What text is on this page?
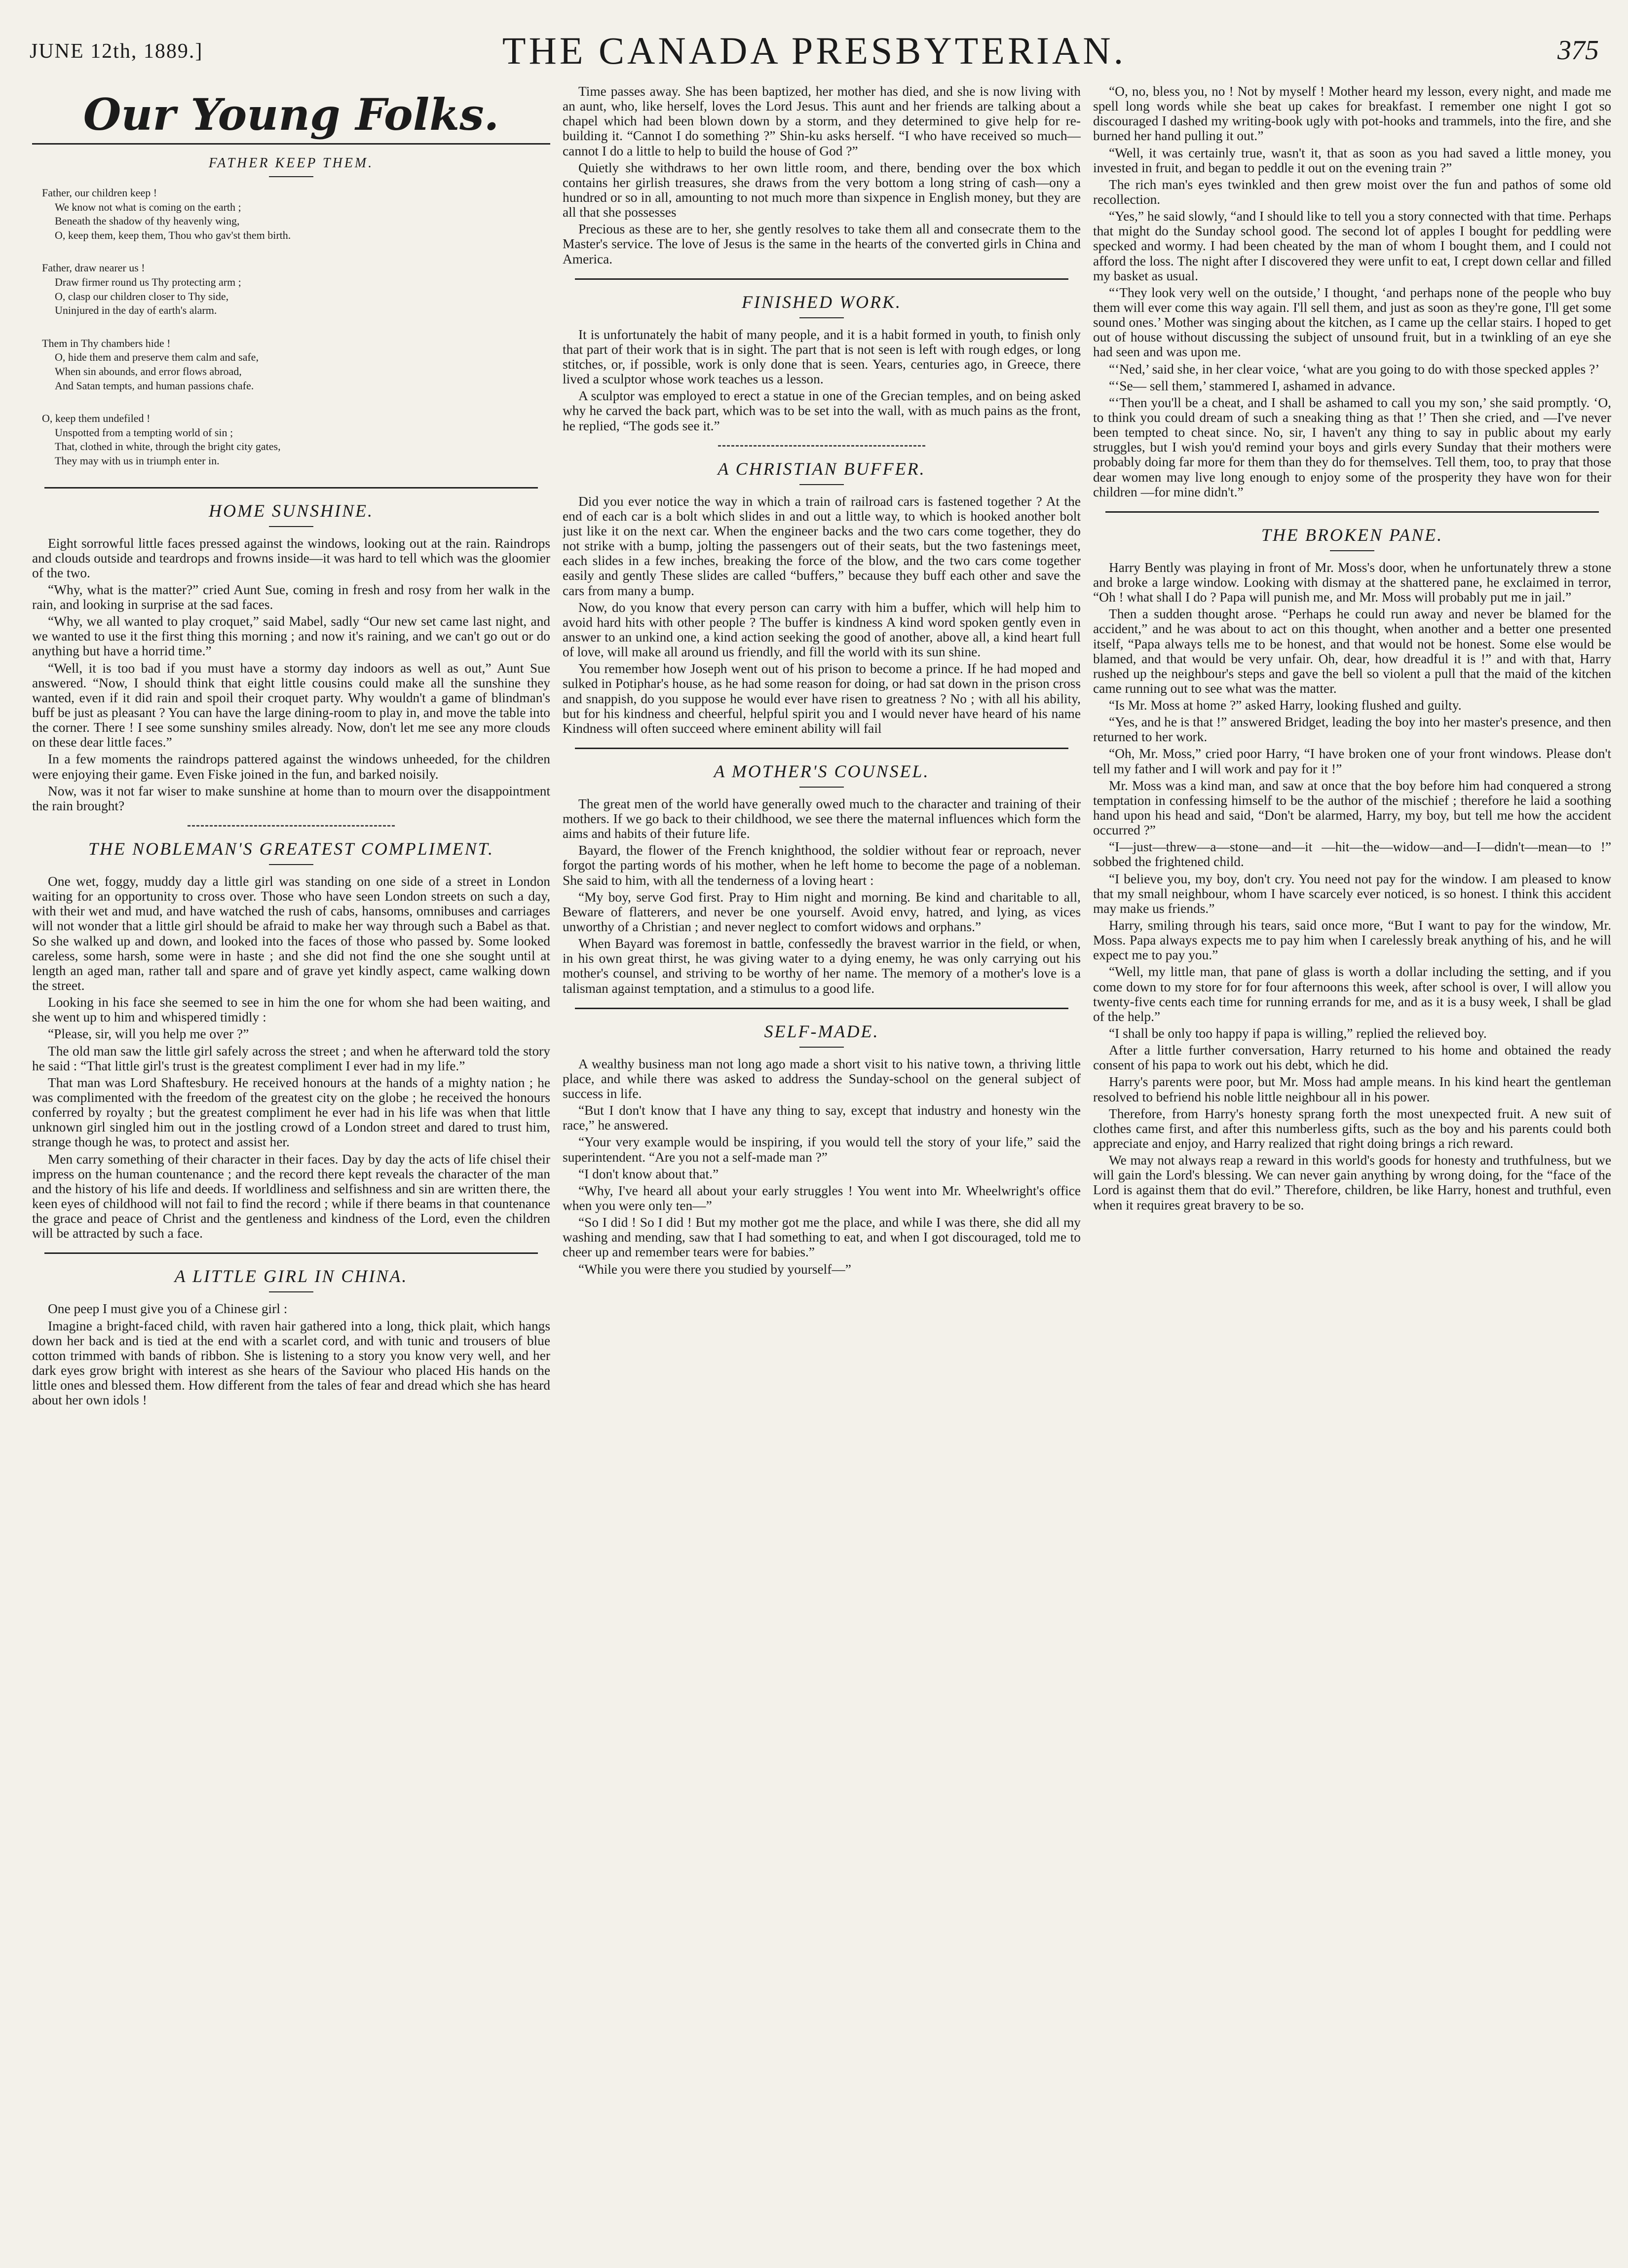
JUNE 12th, 1889.]	THE CANADA PRESBYTERIAN.	375
Our Young Folks.
FATHER KEEP THEM.

Father, our children keep !

We know not what is coming on the earth ;

Beneath the shadow of thy heavenly wing,

O, keep them, keep them, Thou who gav'st them birth.

Father, draw nearer us !

Draw firmer round us Thy protecting arm ;

O, clasp our children closer to Thy side,

Uninjured in the day of earth's alarm.

Them in Thy chambers hide !

O, hide them and preserve them calm and safe,

When sin abounds, and error flows abroad,

And Satan tempts, and human passions chafe.

O, keep them undefiled !

Unspotted from a tempting world of sin ;

That, clothed in white, through the bright city gates,

They may with us in triumph enter in.

HOME SUNSHINE.

Eight sorrowful little faces pressed against the windows, looking out at the rain. Raindrops and clouds outside and teardrops and frowns inside—it was hard to tell which was the gloomier of the two.

“Why, what is the matter?” cried Aunt Sue, coming in fresh and rosy from her walk in the rain, and looking in surprise at the sad faces.

“Why, we all wanted to play croquet,” said Mabel, sadly “Our new set came last night, and we wanted to use it the first thing this morning ; and now it's raining, and we can't go out or do anything but have a horrid time.”

“Well, it is too bad if you must have a stormy day indoors as well as out,” Aunt Sue answered. “Now, I should think that eight little cousins could make all the sunshine they wanted, even if it did rain and spoil their croquet party. Why wouldn't a game of blindman's buff be just as pleasant ? You can have the large dining-room to play in, and move the table into the corner. There ! I see some sunshiny smiles already. Now, don't let me see any more clouds on these dear little faces.”

In a few moments the raindrops pattered against the windows unheeded, for the children were enjoying their game. Even Fiske joined in the fun, and barked noisily.

Now, was it not far wiser to make sunshine at home than to mourn over the disappointment the rain brought?

THE NOBLEMAN'S GREATEST COMPLIMENT.

One wet, foggy, muddy day a little girl was standing on one side of a street in London waiting for an opportunity to cross over. Those who have seen London streets on such a day, with their wet and mud, and have watched the rush of cabs, hansoms, omnibuses and carriages will not wonder that a little girl should be afraid to make her way through such a Babel as that. So she walked up and down, and looked into the faces of those who passed by. Some looked careless, some harsh, some were in haste ; and she did not find the one she sought until at length an aged man, rather tall and spare and of grave yet kindly aspect, came walking down the street.

Looking in his face she seemed to see in him the one for whom she had been waiting, and she went up to him and whispered timidly :

“Please, sir, will you help me over ?”

The old man saw the little girl safely across the street ; and when he afterward told the story he said : “That little girl's trust is the greatest compliment I ever had in my life.”

That man was Lord Shaftesbury. He received honours at the hands of a mighty nation ; he was complimented with the freedom of the greatest city on the globe ; he received the honours conferred by royalty ; but the greatest compliment he ever had in his life was when that little unknown girl singled him out in the jostling crowd of a London street and dared to trust him, strange though he was, to protect and assist her.

Men carry something of their character in their faces. Day by day the acts of life chisel their impress on the human countenance ; and the record there kept reveals the character of the man and the history of his life and deeds. If worldliness and selfishness and sin are written there, the keen eyes of childhood will not fail to find the record ; while if there beams in that countenance the grace and peace of Christ and the gentleness and kindness of the Lord, even the children will be attracted by such a face.

A LITTLE GIRL IN CHINA.

One peep I must give you of a Chinese girl :

Imagine a bright-faced child, with raven hair gathered into a long, thick plait, which hangs down her back and is tied at the end with a scarlet cord, and with tunic and trousers of blue cotton trimmed with bands of ribbon. She is listening to a story you know very well, and her dark eyes grow bright with interest as she hears of the Saviour who placed His hands on the little ones and blessed them. How different from the tales of fear and dread which she has heard about her own idols !

Time passes away. She has been baptized, her mother has died, and she is now living with an aunt, who, like herself, loves the Lord Jesus. This aunt and her friends are talking about a chapel which had been blown down by a storm, and they determined to give help for re-building it. “Cannot I do something ?” Shin-ku asks herself. “I who have received so much—cannot I do a little to help to build the house of God ?”

Quietly she withdraws to her own little room, and there, bending over the box which contains her girlish treasures, she draws from the very bottom a long string of cash—ony a hundred or so in all, amounting to not much more than sixpence in English money, but they are all that she possesses

Precious as these are to her, she gently resolves to take them all and consecrate them to the Master's service. The love of Jesus is the same in the hearts of the converted girls in China and America.

FINISHED WORK.

It is unfortunately the habit of many people, and it is a habit formed in youth, to finish only that part of their work that is in sight. The part that is not seen is left with rough edges, or long stitches, or, if possible, work is only done that is seen. Years, centuries ago, in Greece, there lived a sculptor whose work teaches us a lesson.

A sculptor was employed to erect a statue in one of the Grecian temples, and on being asked why he carved the back part, which was to be set into the wall, with as much pains as the front, he replied, “The gods see it.”

A CHRISTIAN BUFFER.

Did you ever notice the way in which a train of railroad cars is fastened together ? At the end of each car is a bolt which slides in and out a little way, to which is hooked another bolt just like it on the next car. When the engineer backs and the two cars come together, they do not strike with a bump, jolting the passengers out of their seats, but the two fastenings meet, each slides in a few inches, breaking the force of the blow, and the two cars come together easily and gently These slides are called “buffers,” because they buff each other and save the cars from many a bump.

Now, do you know that every person can carry with him a buffer, which will help him to avoid hard hits with other people ? The buffer is kindness A kind word spoken gently even in answer to an unkind one, a kind action seeking the good of another, above all, a kind heart full of love, will make all around us friendly, and fill the world with its sun shine.

You remember how Joseph went out of his prison to become a prince. If he had moped and sulked in Potiphar's house, as he had some reason for doing, or had sat down in the prison cross and snappish, do you suppose he would ever have risen to greatness ? No ; with all his ability, but for his kindness and cheerful, helpful spirit you and I would never have heard of his name Kindness will often succeed where eminent ability will fail

A MOTHER'S COUNSEL.

The great men of the world have generally owed much to the character and training of their mothers. If we go back to their childhood, we see there the maternal influences which form the aims and habits of their future life.

Bayard, the flower of the French knighthood, the soldier without fear or reproach, never forgot the parting words of his mother, when he left home to become the page of a nobleman. She said to him, with all the tenderness of a loving heart :

“My boy, serve God first. Pray to Him night and morning. Be kind and charitable to all, Beware of flatterers, and never be one yourself. Avoid envy, hatred, and lying, as vices unworthy of a Christian ; and never neglect to comfort widows and orphans.”

When Bayard was foremost in battle, confessedly the bravest warrior in the field, or when, in his own great thirst, he was giving water to a dying enemy, he was only carrying out his mother's counsel, and striving to be worthy of her name. The memory of a mother's love is a talisman against temptation, and a stimulus to a good life.

SELF-MADE.

A wealthy business man not long ago made a short visit to his native town, a thriving little place, and while there was asked to address the Sunday-school on the general subject of success in life.

“But I don't know that I have any thing to say, except that industry and honesty win the race,” he answered.

“Your very example would be inspiring, if you would tell the story of your life,” said the superintendent. “Are you not a self-made man ?”

“I don't know about that.”

“Why, I've heard all about your early struggles ! You went into Mr. Wheelwright's office when you were only ten—”

“So I did ! So I did ! But my mother got me the place, and while I was there, she did all my washing and mending, saw that I had something to eat, and when I got discouraged, told me to cheer up and remember tears were for babies.”

“While you were there you studied by yourself—”

“O, no, bless you, no ! Not by myself ! Mother heard my lesson, every night, and made me spell long words while she beat up cakes for breakfast. I remember one night I got so discouraged I dashed my writing-book ugly with pot-hooks and trammels, into the fire, and she burned her hand pulling it out.”

“Well, it was certainly true, wasn't it, that as soon as you had saved a little money, you invested in fruit, and began to peddle it out on the evening train ?”

The rich man's eyes twinkled and then grew moist over the fun and pathos of some old recollection.

“Yes,” he said slowly, “and I should like to tell you a story connected with that time. Perhaps that might do the Sunday school good. The second lot of apples I bought for peddling were specked and wormy. I had been cheated by the man of whom I bought them, and I could not afford the loss. The night after I discovered they were unfit to eat, I crept down cellar and filled my basket as usual.

“‘They look very well on the outside,’ I thought, ‘and perhaps none of the people who buy them will ever come this way again. I'll sell them, and just as soon as they're gone, I'll get some sound ones.’ Mother was singing about the kitchen, as I came up the cellar stairs. I hoped to get out of house without discussing the subject of unsound fruit, but in a twinkling of an eye she had seen and was upon me.

“‘Ned,’ said she, in her clear voice, ‘what are you going to do with those specked apples ?’

“‘Se— sell them,’ stammered I, ashamed in advance.

“‘Then you'll be a cheat, and I shall be ashamed to call you my son,’ she said promptly. ‘O, to think you could dream of such a sneaking thing as that !’ Then she cried, and —I've never been tempted to cheat since. No, sir, I haven't any thing to say in public about my early struggles, but I wish you'd remind your boys and girls every Sunday that their mothers were probably doing far more for them than they do for themselves. Tell them, too, to pray that those dear women may live long enough to enjoy some of the prosperity they have won for their children —for mine didn't.”

THE BROKEN PANE.

Harry Bently was playing in front of Mr. Moss's door, when he unfortunately threw a stone and broke a large window. Looking with dismay at the shattered pane, he exclaimed in terror, “Oh ! what shall I do ? Papa will punish me, and Mr. Moss will probably put me in jail.”

Then a sudden thought arose. “Perhaps he could run away and never be blamed for the accident,” and he was about to act on this thought, when another and a better one presented itself, “Papa always tells me to be honest, and that would not be honest. Some else would be blamed, and that would be very unfair. Oh, dear, how dreadful it is !” and with that, Harry rushed up the neighbour's steps and gave the bell so violent a pull that the maid of the kitchen came running out to see what was the matter.

“Is Mr. Moss at home ?” asked Harry, looking flushed and guilty.

“Yes, and he is that !” answered Bridget, leading the boy into her master's presence, and then returned to her work.

“Oh, Mr. Moss,” cried poor Harry, “I have broken one of your front windows. Please don't tell my father and I will work and pay for it !”

Mr. Moss was a kind man, and saw at once that the boy before him had conquered a strong temptation in confessing himself to be the author of the mischief ; therefore he laid a soothing hand upon his head and said, “Don't be alarmed, Harry, my boy, but tell me how the accident occurred ?”

“I—just—threw—a—stone—and—it —hit—the—widow—and—I—didn't—mean—to !” sobbed the frightened child.

“I believe you, my boy, don't cry. You need not pay for the window. I am pleased to know that my small neighbour, whom I have scarcely ever noticed, is so honest. I think this accident may make us friends.”

Harry, smiling through his tears, said once more, “But I want to pay for the window, Mr. Moss. Papa always expects me to pay him when I carelessly break anything of his, and he will expect me to pay you.”

“Well, my little man, that pane of glass is worth a dollar including the setting, and if you come down to my store for for four afternoons this week, after school is over, I will allow you twenty-five cents each time for running errands for me, and as it is a busy week, I shall be glad of the help.”

“I shall be only too happy if papa is willing,” replied the relieved boy.

After a little further conversation, Harry returned to his home and obtained the ready consent of his papa to work out his debt, which he did.

Harry's parents were poor, but Mr. Moss had ample means. In his kind heart the gentleman resolved to befriend his noble little neighbour all in his power.

Therefore, from Harry's honesty sprang forth the most unexpected fruit. A new suit of clothes came first, and after this numberless gifts, such as the boy and his parents could both appreciate and enjoy, and Harry realized that right doing brings a rich reward.

We may not always reap a reward in this world's goods for honesty and truthfulness, but we will gain the Lord's blessing. We can never gain anything by wrong doing, for the “face of the Lord is against them that do evil.” Therefore, children, be like Harry, honest and truthful, even when it requires great bravery to be so.
